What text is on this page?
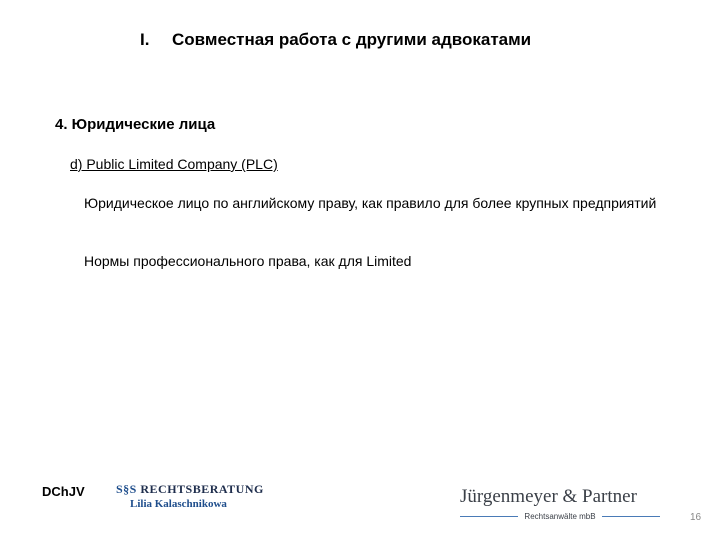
I. Совместная работа с другими адвокатами
4. Юридические лица
d) Public Limited Company (PLC)
Юридическое лицо по английскому праву, как правило для более крупных предприятий
Нормы профессионального права, как для Limited
DChJV	S§S RECHTSBERATUNG
Lilia Kalaschnikowa	Jürgenmeyer & Partner
Rechtsanwälte mbB	16
